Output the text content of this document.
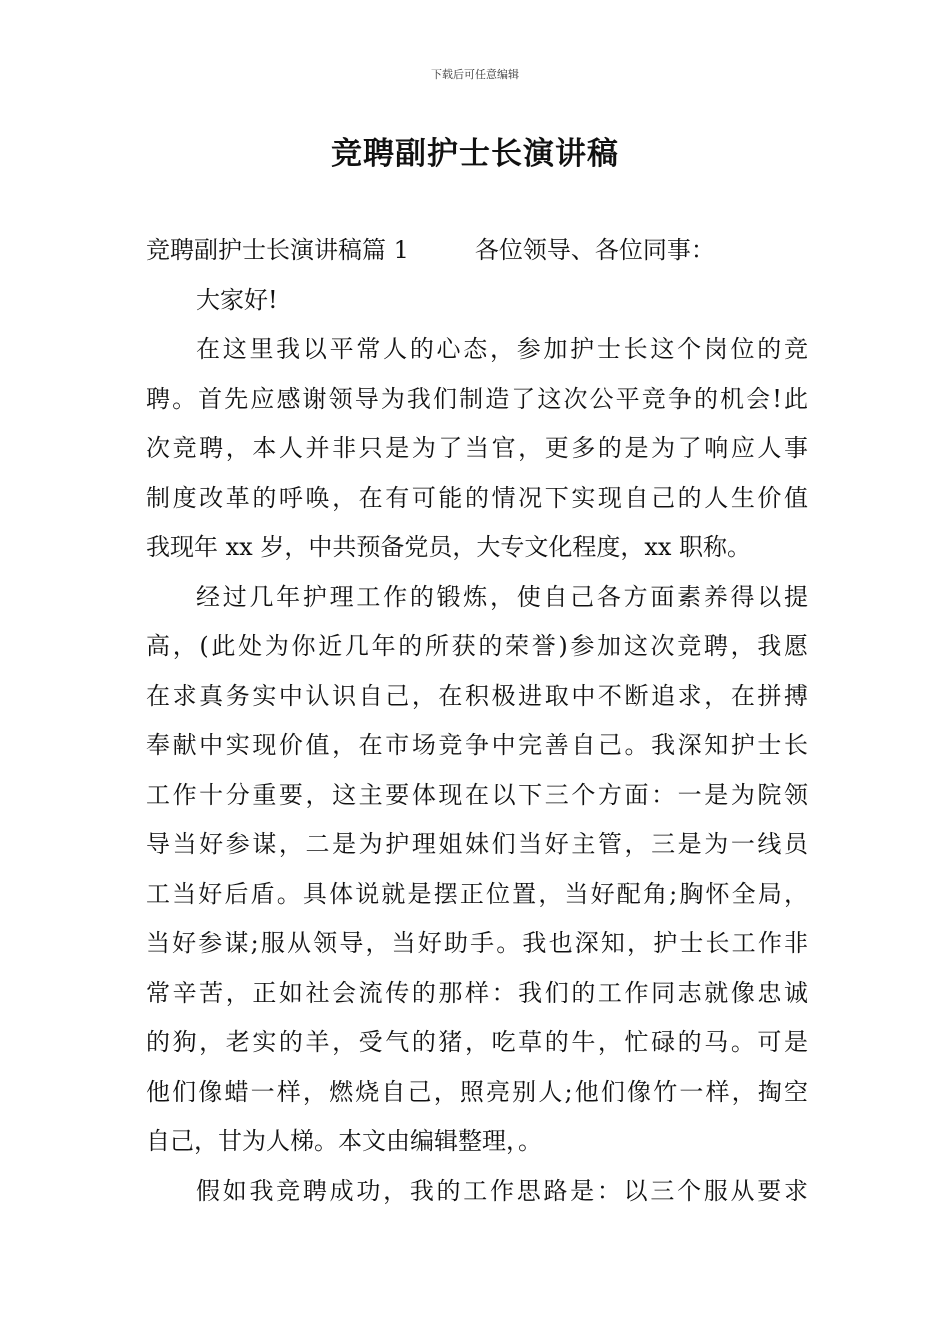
下载后可任意编辑
竞聘副护士长演讲稿
竞聘副护士长演讲稿篇 1	各位领导、各位同事：
大家好!
在这里我以平常人的心态，参加护士长这个岗位的竞
聘。首先应感谢领导为我们制造了这次公平竞争的机会!此
次竞聘，本人并非只是为了当官，更多的是为了响应人事
制度改革的呼唤，在有可能的情况下实现自己的人生价值
我现年 xx 岁，中共预备党员，大专文化程度，xx 职称。
经过几年护理工作的锻炼，使自己各方面素养得以提
高，(此处为你近几年的所获的荣誉)参加这次竞聘，我愿
在求真务实中认识自己，在积极进取中不断追求，在拼搏
奉献中实现价值，在市场竞争中完善自己。我深知护士长
工作十分重要，这主要体现在以下三个方面：一是为院领
导当好参谋，二是为护理姐妹们当好主管，三是为一线员
工当好后盾。具体说就是摆正位置，当好配角;胸怀全局，
当好参谋;服从领导，当好助手。我也深知，护士长工作非
常辛苦，正如社会流传的那样：我们的工作同志就像忠诚
的狗，老实的羊，受气的猪，吃草的牛，忙碌的马。可是
他们像蜡一样，燃烧自己，照亮别人;他们像竹一样，掏空
自己，甘为人梯。本文由编辑整理，。
假如我竞聘成功，我的工作思路是：以三个服从要求
